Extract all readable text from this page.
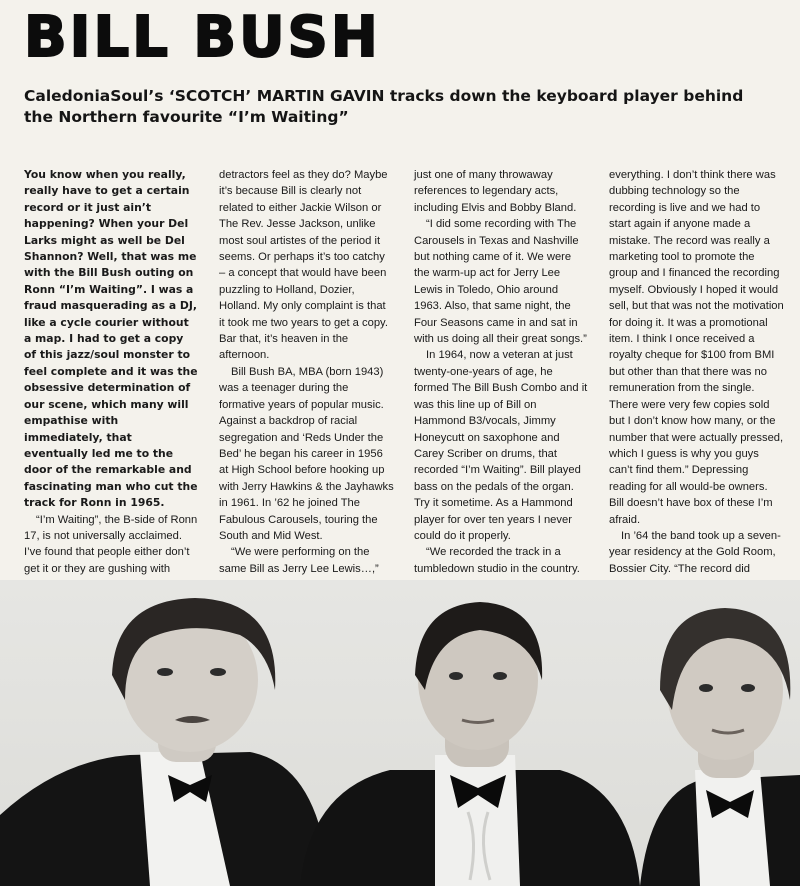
BILL BUSH
CaledoniaSoul’s ‘SCOTCH’ MARTIN GAVIN tracks down the keyboard player behind the Northern favourite “I’m Waiting”

You know when you really, really have to get a certain record or it just ain’t happening? When your Del Larks might as well be Del Shannon? Well, that was me with the Bill Bush outing on Ronn “I’m Waiting”. I was a fraud masquerading as a DJ, like a cycle courier without a map. I had to get a copy of this jazz/soul monster to feel complete and it was the obsessive determination of our scene, which many will empathise with immediately, that eventually led me to the door of the remarkable and fascinating man who cut the track for Ronn in 1965.

“I’m Waiting”, the B-side of Ronn 17, is not universally acclaimed. I’ve found that people either don’t get it or they are gushing with

detractors feel as they do? Maybe it’s because Bill is clearly not related to either Jackie Wilson or The Rev. Jesse Jackson, unlike most soul artistes of the period it seems. Or perhaps it’s too catchy – a concept that would have been puzzling to Holland, Dozier, Holland. My only complaint is that it took me two years to get a copy. Bar that, it’s heaven in the afternoon.

Bill Bush BA, MBA (born 1943) was a teenager during the formative years of popular music. Against a backdrop of racial segregation and ‘Reds Under the Bed’ he began his career in 1956 at High School before hooking up with Jerry Hawkins & the Jayhawks in 1961. In ’62 he joined The Fabulous Carousels, touring the South and Mid West.

“We were performing on the same Bill as Jerry Lee Lewis…,”

just one of many throwaway references to legendary acts, including Elvis and Bobby Bland.

“I did some recording with The Carousels in Texas and Nashville but nothing came of it. We were the warm-up act for Jerry Lee Lewis in Toledo, Ohio around 1963. Also, that same night, the Four Seasons came in and sat in with us doing all their great songs.”

In 1964, now a veteran at just twenty-one-years of age, he formed The Bill Bush Combo and it was this line up of Bill on Hammond B3/vocals, Jimmy Honeycutt on saxophone and Carey Scriber on drums, that recorded “I’m Waiting”. Bill played bass on the pedals of the organ. Try it sometime. As a Hammond player for over ten years I never could do it properly.

“We recorded the track in a tumbledown studio in the country.

everything. I don’t think there was dubbing technology so the recording is live and we had to start again if anyone made a mistake. The record was really a marketing tool to promote the group and I financed the recording myself. Obviously I hoped it would sell, but that was not the motivation for doing it. It was a promotional item. I think I once received a royalty cheque for $100 from BMI but other than that there was no remuneration from the single. There were very few copies sold but I don’t know how many, or the number that were actually pressed, which I guess is why you guys can’t find them.” Depressing reading for all would-be owners. Bill doesn’t have box of these I’m afraid.

In ’64 the band took up a seven-year residency at the Gold Room, Bossier City. “The record did
